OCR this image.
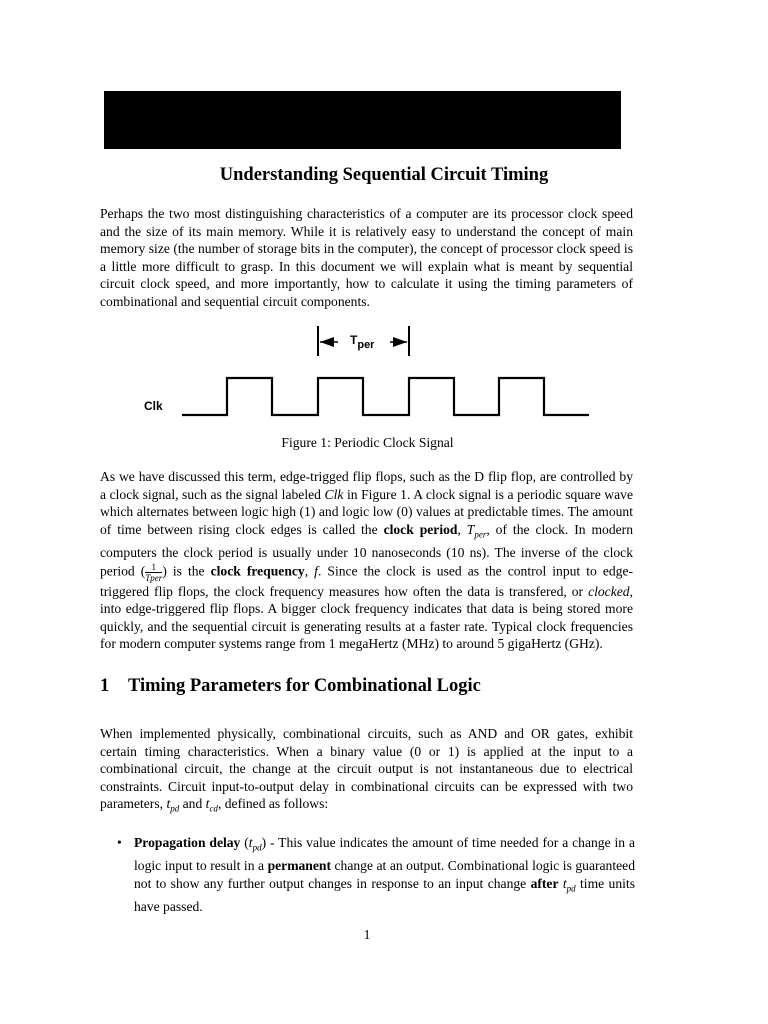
Understanding Sequential Circuit Timing

Perhaps the two most distinguishing characteristics of a computer are its processor clock speed and the size of its main memory. While it is relatively easy to understand the concept of main memory size (the number of storage bits in the computer), the concept of processor clock speed is a little more difficult to grasp. In this document we will explain what is meant by sequential circuit clock speed, and more importantly, how to calculate it using the timing parameters of combinational and sequential circuit components.

Tper
Clk

Figure 1: Periodic Clock Signal

As we have discussed this term, edge-trigged flip flops, such as the D flip flop, are controlled by a clock signal, such as the signal labeled Clk in Figure 1. A clock signal is a periodic square wave which alternates between logic high (1) and logic low (0) values at predictable times. The amount of time between rising clock edges is called the clock period, $T_{per}$, of the clock. In modern computers the clock period is usually under 10 nanoseconds (10 ns). The inverse of the clock period ( $\frac{1}{\text{Tper}}$ ) is the clock frequency, f. Since the clock is used as the control input to edge-triggered flip flops, the clock frequency measures how often the data is transfered, or clocked, into edge-triggered flip flops. A bigger clock frequency indicates that data is being stored more quickly, and the sequential circuit is generating results at a faster rate. Typical clock frequencies for modern computer systems range from 1 megaHertz (MHz) to around 5 gigaHertz (GHz).

1 Timing Parameters for Combinational Logic

When implemented physically, combinational circuits, such as AND and OR gates, exhibit certain timing characteristics. When a binary value (0 or 1) is applied at the input to a combinational circuit, the change at the circuit output is not instantaneous due to electrical constraints. Circuit input-to-output delay in combinational circuits can be expressed with two parameters, $t_{pd}$ and $t_{cd}$, defined as follows:

• Propagation delay $(t_{pd})$ - This value indicates the amount of time needed for a change in a logic input to result in a permanent change at an output. Combinational logic is guaranteed not to show any further output changes in response to an input change after $t_{pd}$ time units have passed.

1
